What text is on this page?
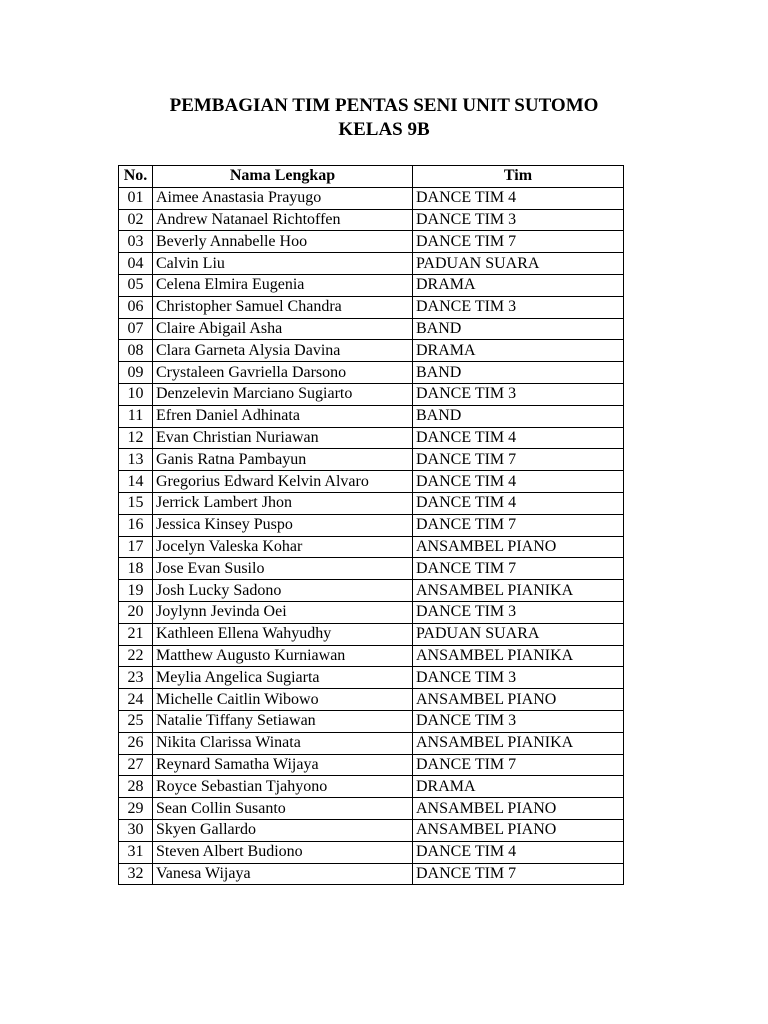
PEMBAGIAN TIM PENTAS SENI UNIT SUTOMO
KELAS 9B
No.	Nama Lengkap	Tim
01	Aimee Anastasia Prayugo	DANCE TIM 4
02	Andrew Natanael Richtoffen	DANCE TIM 3
03	Beverly Annabelle Hoo	DANCE TIM 7
04	Calvin Liu	PADUAN SUARA
05	Celena Elmira Eugenia	DRAMA
06	Christopher Samuel Chandra	DANCE TIM 3
07	Claire Abigail Asha	BAND
08	Clara Garneta Alysia Davina	DRAMA
09	Crystaleen Gavriella Darsono	BAND
10	Denzelevin Marciano Sugiarto	DANCE TIM 3
11	Efren Daniel Adhinata	BAND
12	Evan Christian Nuriawan	DANCE TIM 4
13	Ganis Ratna Pambayun	DANCE TIM 7
14	Gregorius Edward Kelvin Alvaro	DANCE TIM 4
15	Jerrick Lambert Jhon	DANCE TIM 4
16	Jessica Kinsey Puspo	DANCE TIM 7
17	Jocelyn Valeska Kohar	ANSAMBEL PIANO
18	Jose Evan Susilo	DANCE TIM 7
19	Josh Lucky Sadono	ANSAMBEL PIANIKA
20	Joylynn Jevinda Oei	DANCE TIM 3
21	Kathleen Ellena Wahyudhy	PADUAN SUARA
22	Matthew Augusto Kurniawan	ANSAMBEL PIANIKA
23	Meylia Angelica Sugiarta	DANCE TIM 3
24	Michelle Caitlin Wibowo	ANSAMBEL PIANO
25	Natalie Tiffany Setiawan	DANCE TIM 3
26	Nikita Clarissa Winata	ANSAMBEL PIANIKA
27	Reynard Samatha Wijaya	DANCE TIM 7
28	Royce Sebastian Tjahyono	DRAMA
29	Sean Collin Susanto	ANSAMBEL PIANO
30	Skyen Gallardo	ANSAMBEL PIANO
31	Steven Albert Budiono	DANCE TIM 4
32	Vanesa Wijaya	DANCE TIM 7
